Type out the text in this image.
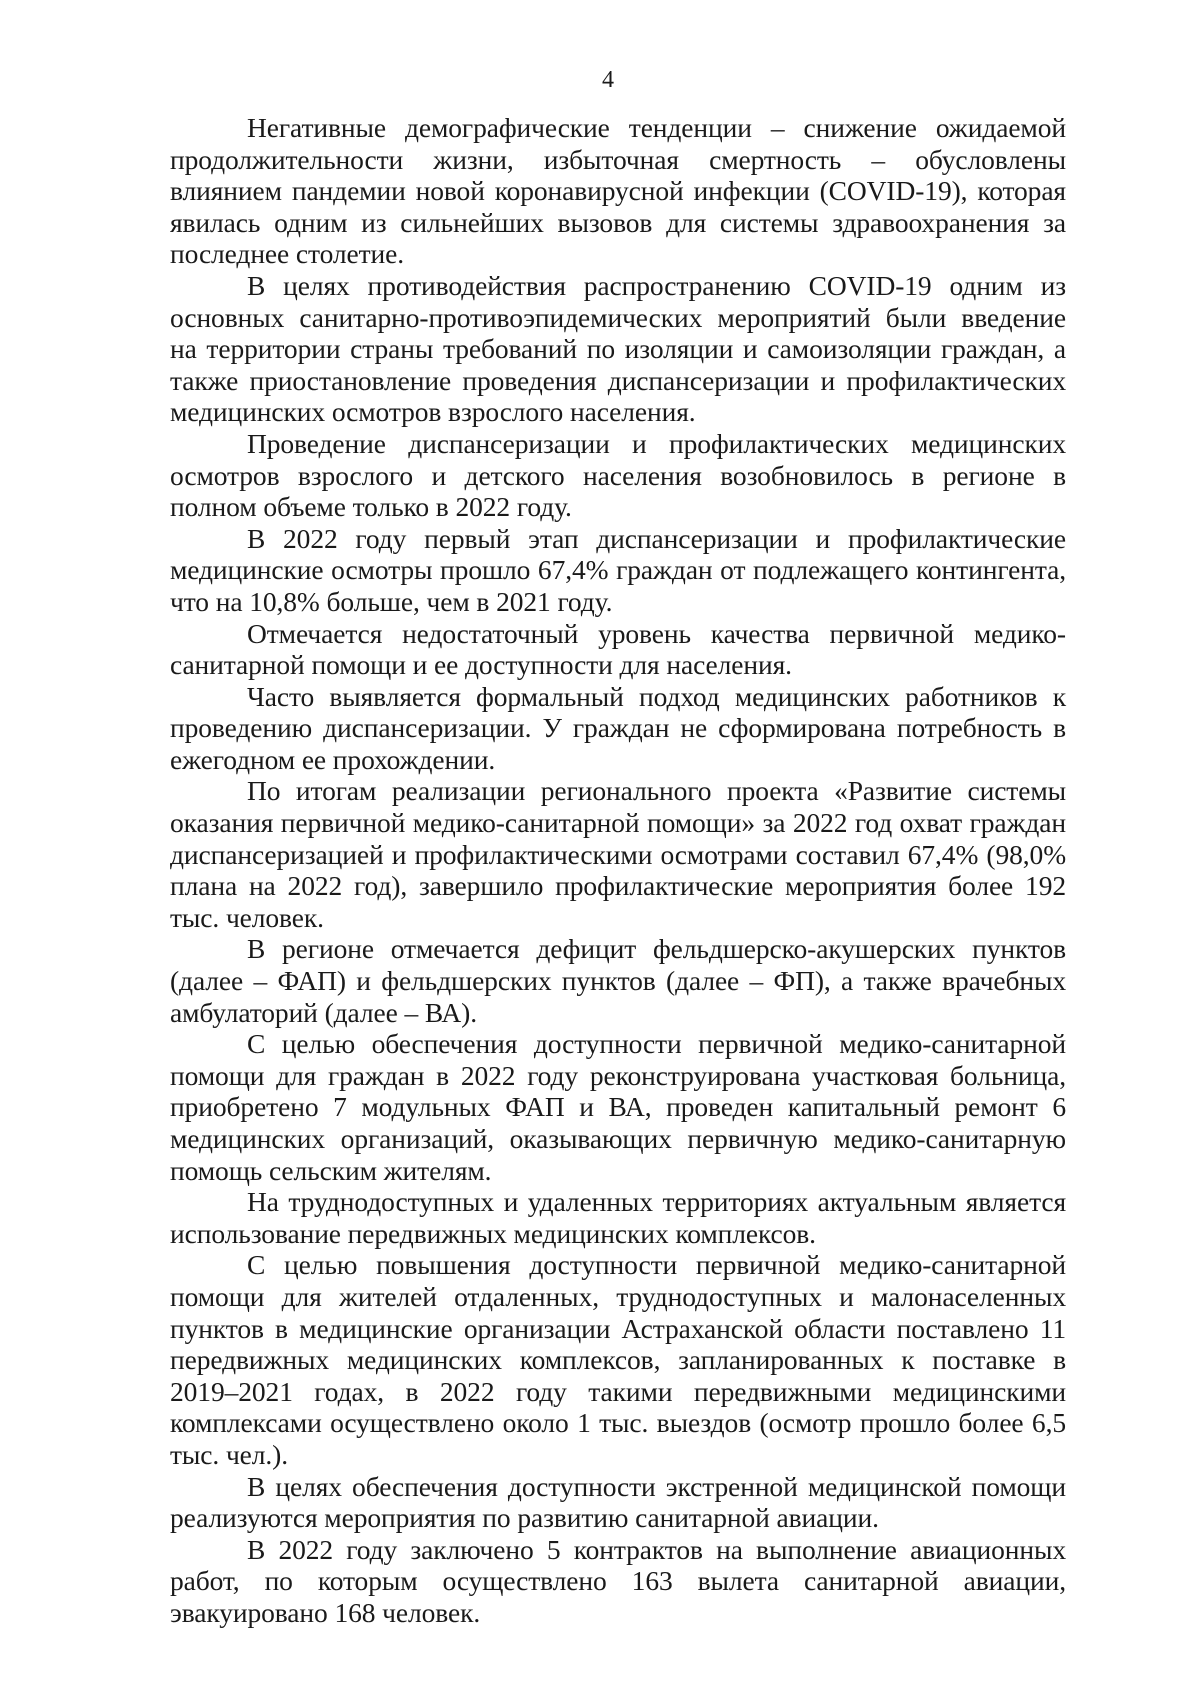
4

Негативные демографические тенденции – снижение ожидаемой продолжительности жизни, избыточная смертность – обусловлены влиянием пандемии новой коронавирусной инфекции (COVID-19), которая явилась одним из сильнейших вызовов для системы здравоохранения за последнее столетие.

В целях противодействия распространению COVID-19 одним из основных санитарно-противоэпидемических мероприятий были введение на территории страны требований по изоляции и самоизоляции граждан, а также приостановление проведения диспансеризации и профилактических медицинских осмотров взрослого населения.

Проведение диспансеризации и профилактических медицинских осмотров взрослого и детского населения возобновилось в регионе в полном объеме только в 2022 году.

В 2022 году первый этап диспансеризации и профилактические медицинские осмотры прошло 67,4% граждан от подлежащего контингента, что на 10,8% больше, чем в 2021 году.

Отмечается недостаточный уровень качества первичной медико-санитарной помощи и ее доступности для населения.

Часто выявляется формальный подход медицинских работников к проведению диспансеризации. У граждан не сформирована потребность в ежегодном ее прохождении.

По итогам реализации регионального проекта «Развитие системы оказания первичной медико-санитарной помощи» за 2022 год охват граждан диспансеризацией и профилактическими осмотрами составил 67,4% (98,0% плана на 2022 год), завершило профилактические мероприятия более 192 тыс. человек.

В регионе отмечается дефицит фельдшерско-акушерских пунктов (далее – ФАП) и фельдшерских пунктов (далее – ФП), а также врачебных амбулаторий (далее – ВА).

С целью обеспечения доступности первичной медико-санитарной помощи для граждан в 2022 году реконструирована участковая больница, приобретено 7 модульных ФАП и ВА, проведен капитальный ремонт 6 медицинских организаций, оказывающих первичную медико-санитарную помощь сельским жителям.

На труднодоступных и удаленных территориях актуальным является использование передвижных медицинских комплексов.

С целью повышения доступности первичной медико-санитарной помощи для жителей отдаленных, труднодоступных и малонаселенных пунктов в медицинские организации Астраханской области поставлено 11 передвижных медицинских комплексов, запланированных к поставке в 2019–2021 годах, в 2022 году такими передвижными медицинскими комплексами осуществлено около 1 тыс. выездов (осмотр прошло более 6,5 тыс. чел.).

В целях обеспечения доступности экстренной медицинской помощи реализуются мероприятия по развитию санитарной авиации.

В 2022 году заключено 5 контрактов на выполнение авиационных работ, по которым осуществлено 163 вылета санитарной авиации, эвакуировано 168 человек.
